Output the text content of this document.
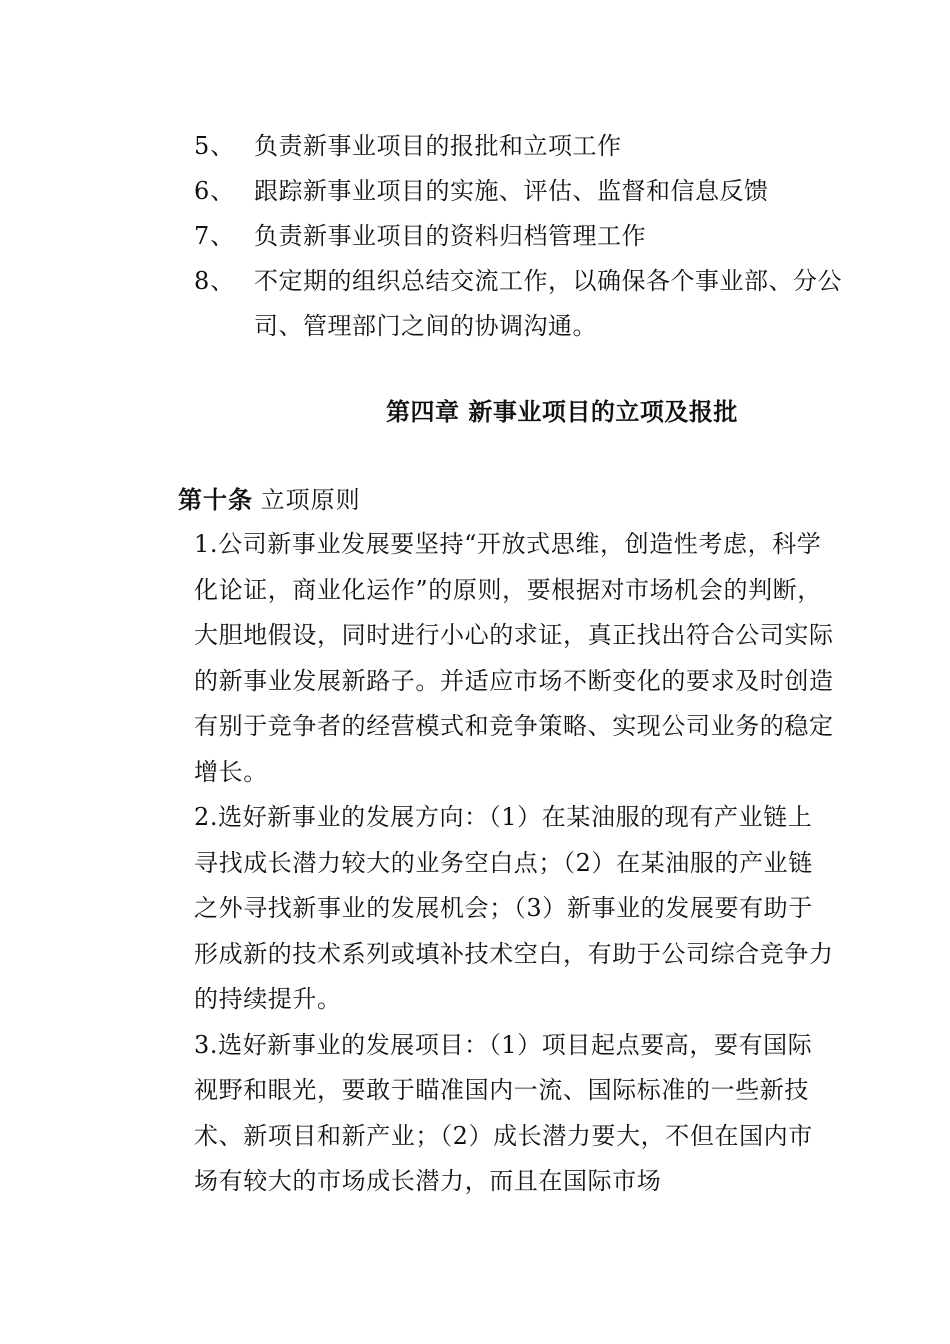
5、 负责新事业项目的报批和立项工作
6、 跟踪新事业项目的实施、评估、监督和信息反馈
7、 负责新事业项目的资料归档管理工作
8、 不定期的组织总结交流工作，以确保各个事业部、分公司、管理部门之间的协调沟通。
第四章 新事业项目的立项及报批
第十条 立项原则

1.公司新事业发展要坚持“开放式思维，创造性考虑，科学化论证，商业化运作”的原则，要根据对市场机会的判断，大胆地假设，同时进行小心的求证，真正找出符合公司实际的新事业发展新路子。并适应市场不断变化的要求及时创造有别于竞争者的经营模式和竞争策略、实现公司业务的稳定增长。

2.选好新事业的发展方向：（1）在某油服的现有产业链上寻找成长潜力较大的业务空白点；（2）在某油服的产业链之外寻找新事业的发展机会；（3）新事业的发展要有助于形成新的技术系列或填补技术空白，有助于公司综合竞争力的持续提升。

3.选好新事业的发展项目：（1）项目起点要高，要有国际视野和眼光，要敢于瞄准国内一流、国际标准的一些新技术、新项目和新产业；（2）成长潜力要大，不但在国内市场有较大的市场成长潜力，而且在国际市场
